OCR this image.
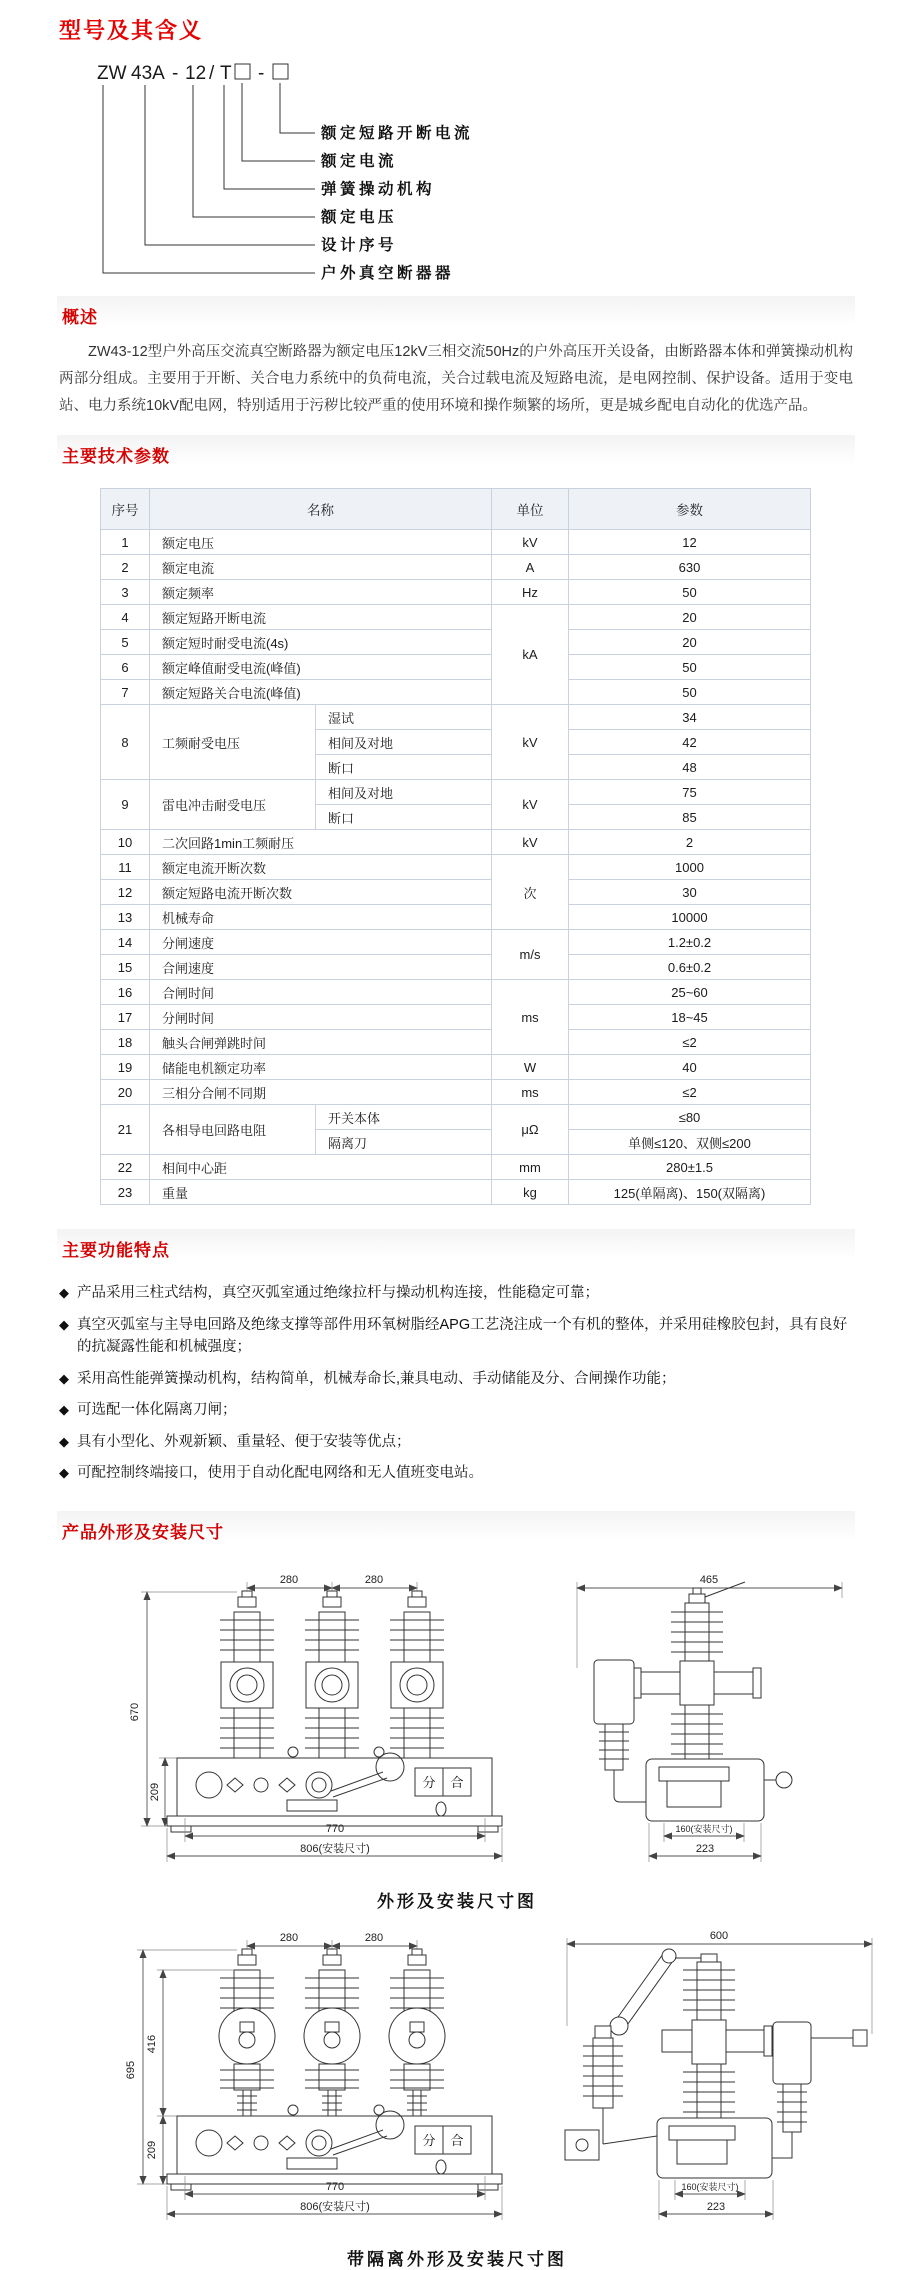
型号及其含义
ZW 43A - 12 / T -
额定短路开断电流
额定电流
弹簧操动机构
额定电压
设计序号
户外真空断器器
概述

ZW43-12型户外高压交流真空断路器为额定电压12kV三相交流50Hz的户外高压开关设备，由断路器本体和弹簧操动机构两部分组成。主要用于开断、关合电力系统中的负荷电流，关合过载电流及短路电流，是电网控制、保护设备。适用于变电站、电力系统10kV配电网，特别适用于污秽比较严重的使用环境和操作频繁的场所，更是城乡配电自动化的优选产品。

主要技术参数
序号	名称		单位	参数
1	额定电压		kV	12
2	额定电流		A	630
3	额定频率		Hz	50
4	额定短路开断电流		kA	20
5	额定短时耐受电流(4s)			20
6	额定峰值耐受电流(峰值)			50
7	额定短路关合电流(峰值)			50
8	工频耐受电压	湿试	kV	34
		相间及对地		42
		断口		48
9	雷电冲击耐受电压	相间及对地	kV	75
		断口		85
10	二次回路1min工频耐压		kV	2
11	额定电流开断次数		次	1000
12	额定短路电流开断次数			30
13	机械寿命			10000
14	分闸速度		m/s	1.2±0.2
15	合闸速度			0.6±0.2
16	合闸时间		ms	25~60
17	分闸时间			18~45
18	触头合闸弹跳时间			≤2
19	储能电机额定功率		W	40
20	三相分合闸不同期		ms	≤2
21	各相导电回路电阻	开关本体	μΩ	≤80
		隔离刀		单侧≤120、双侧≤200
22	相间中心距		mm	280±1.5
23	重量		kg	125(单隔离)、150(双隔离)
主要功能特点
◆ 产品采用三柱式结构，真空灭弧室通过绝缘拉杆与操动机构连接，性能稳定可靠；
◆ 真空灭弧室与主导电回路及绝缘支撑等部件用环氧树脂经APG工艺浇注成一个有机的整体，并采用硅橡胶包封，具有良好的抗凝露性能和机械强度；
◆ 采用高性能弹簧操动机构，结构简单，机械寿命长,兼具电动、手动储能及分、合闸操作功能；
◆ 可选配一体化隔离刀闸；
◆ 具有小型化、外观新颖、重量轻、便于安装等优点；
◆ 可配控制终端接口，使用于自动化配电网络和无人值班变电站。
产品外形及安装尺寸
280	280
670
209
分 合
770
806(安装尺寸)
465
160(安装尺寸)
223
外形及安装尺寸图
280	280
695
416
209
分 合
770
806(安装尺寸)
600
160(安装尺寸)
223
带隔离外形及安装尺寸图
